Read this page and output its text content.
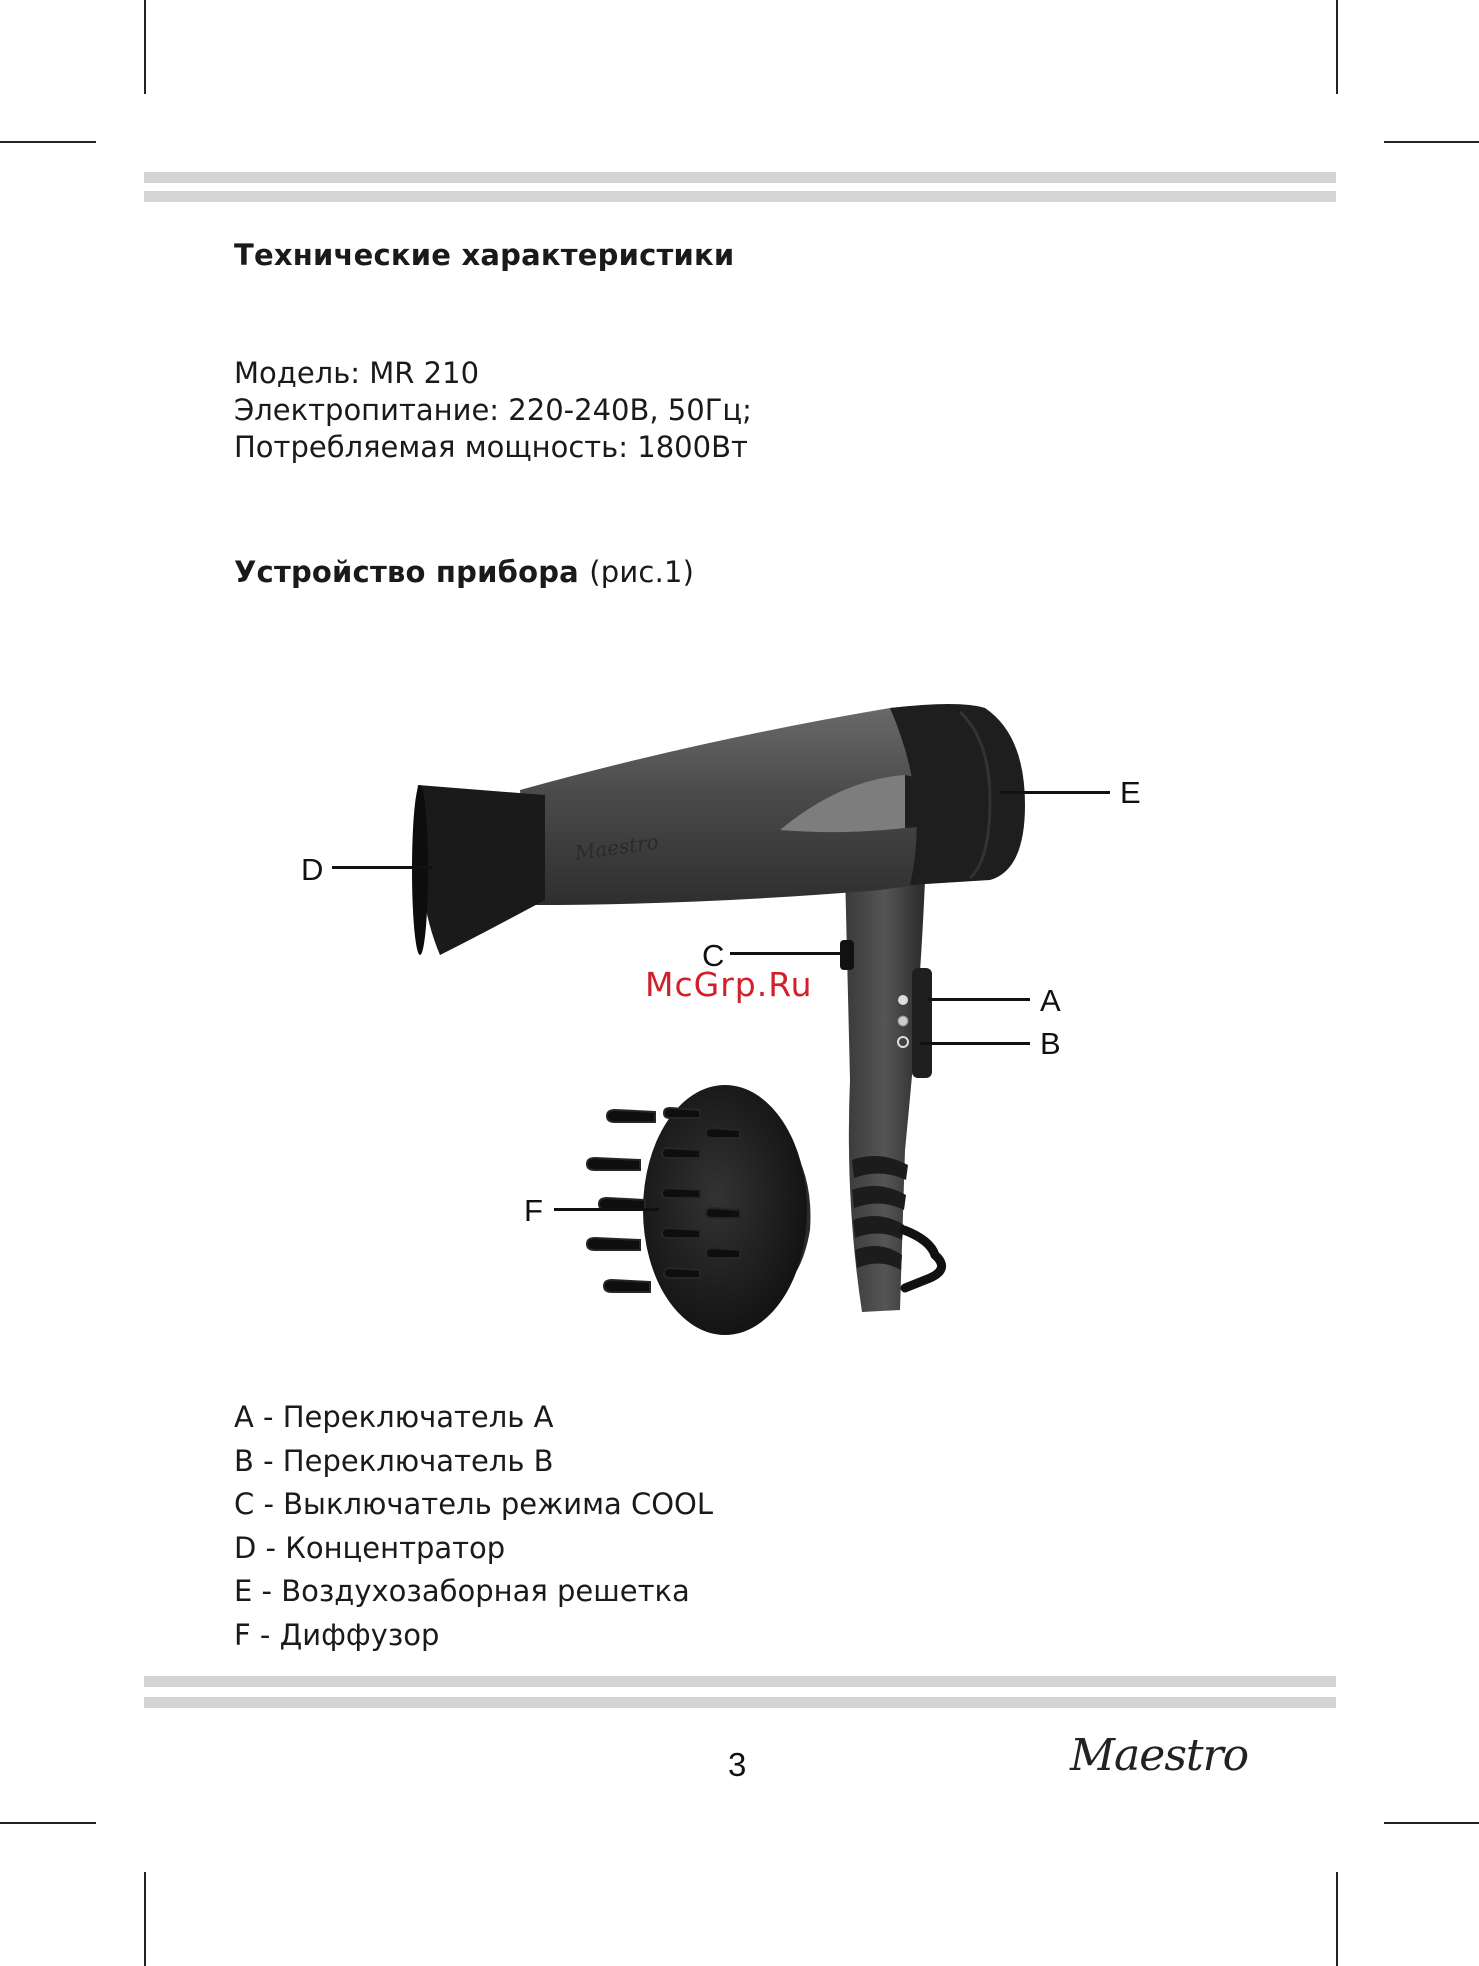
Технические характеристики
Модель: MR 210
Электропитание: 220-240В, 50Гц;
Потребляемая мощность: 1800Вт
Устройство прибора (рис.1)
Maestro
E
D
C
A
B
F
McGrp.Ru
A - Переключатель A
B - Переключатель B
C - Выключатель режима COOL
D - Концентратор
E - Воздухозаборная решетка
F - Диффузор
3	Maestro
